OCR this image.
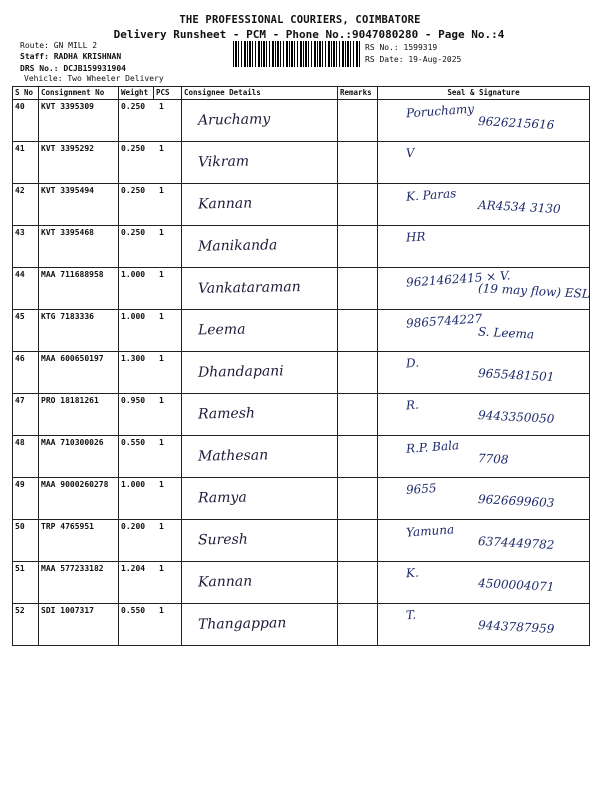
THE PROFESSIONAL COURIERS, COIMBATORE
Delivery Runsheet - PCM - Phone No.:9047080280 - Page No.:4
Route: GN MILL 2
Staff: RADHA KRISHNAN
DRS No.: DCJB159931904
Vehicle: Two Wheeler Delivery
RS No.: 1599319
RS Date: 19-Aug-2025
S No	Consignment No	Weight	PCS	Consignee Details	Remarks	Seal & Signature
40	KVT 3395309	0.250 1		Aruchamy		Poruchamy
9626215616

41	KVT 3395292	0.250 1		Vikram		V

42	KVT 3395494	0.250 1		Kannan		K. Paras
AR4534 3130

43	KVT 3395468	0.250 1		Manikanda		HR

44	MAA 711688958	1.000 1		Vankataraman		9621462415 × V.
(19 may flow) ESL

45	KTG 7183336	1.000 1		Leema		9865744227
S. Leema

46	MAA 600650197	1.300 1		Dhandapani		D.
9655481501

47	PRO 18181261	0.950 1		Ramesh		R.
9443350050

48	MAA 710300026	0.550 1		Mathesan		R.P. Bala
7708

49	MAA 9000260278	1.000 1		Ramya		9655
9626699603

50	TRP 4765951	0.200 1		Suresh		Yamuna
6374449782

51	MAA 577233182	1.204 1		Kannan		K.
4500004071

52	SDI 1007317	0.550 1		Thangappan		T.
9443787959
